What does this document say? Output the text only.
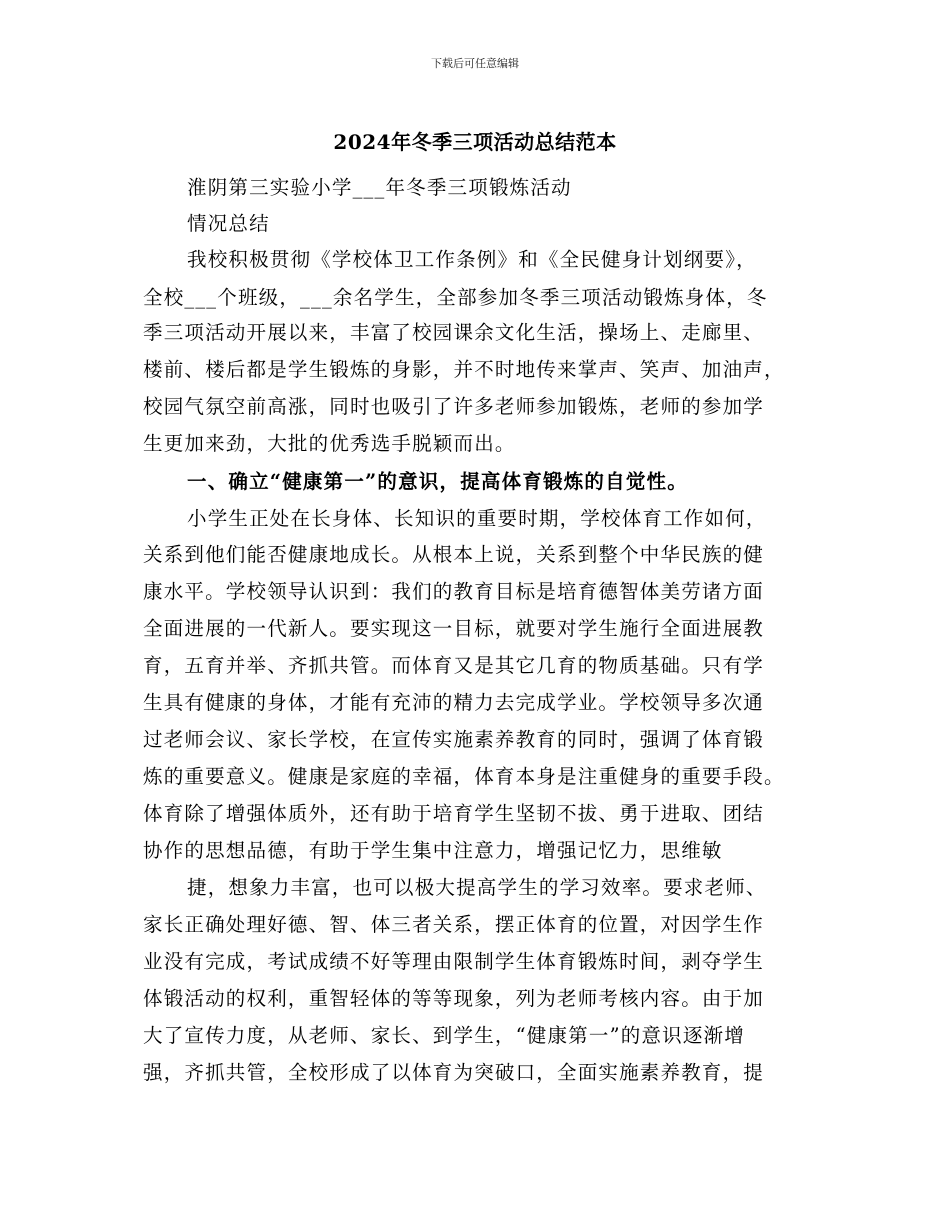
下载后可任意编辑
2024年冬季三项活动总结范本
淮阴第三实验小学___年冬季三项锻炼活动
情况总结
我校积极贯彻《学校体卫工作条例》和《全民健身计划纲要》，
全校___个班级，___余名学生，全部参加冬季三项活动锻炼身体，冬
季三项活动开展以来，丰富了校园课余文化生活，操场上、走廊里、
楼前、楼后都是学生锻炼的身影，并不时地传来掌声、笑声、加油声，
校园气氛空前高涨，同时也吸引了许多老师参加锻炼，老师的参加学
生更加来劲，大批的优秀选手脱颖而出。
一、确立“健康第一”的意识，提高体育锻炼的自觉性。
小学生正处在长身体、长知识的重要时期，学校体育工作如何，
关系到他们能否健康地成长。从根本上说，关系到整个中华民族的健
康水平。学校领导认识到：我们的教育目标是培育德智体美劳诸方面
全面进展的一代新人。要实现这一目标，就要对学生施行全面进展教
育，五育并举、齐抓共管。而体育又是其它几育的物质基础。只有学
生具有健康的身体，才能有充沛的精力去完成学业。学校领导多次通
过老师会议、家长学校，在宣传实施素养教育的同时，强调了体育锻
炼的重要意义。健康是家庭的幸福，体育本身是注重健身的重要手段。
体育除了增强体质外，还有助于培育学生坚韧不拔、勇于进取、团结
协作的思想品德，有助于学生集中注意力，增强记忆力，思维敏
捷，想象力丰富，也可以极大提高学生的学习效率。要求老师、
家长正确处理好德、智、体三者关系，摆正体育的位置，对因学生作
业没有完成，考试成绩不好等理由限制学生体育锻炼时间，剥夺学生
体锻活动的权利，重智轻体的等等现象，列为老师考核内容。由于加
大了宣传力度，从老师、家长、到学生，“健康第一”的意识逐渐增
强，齐抓共管，全校形成了以体育为突破口，全面实施素养教育，提
